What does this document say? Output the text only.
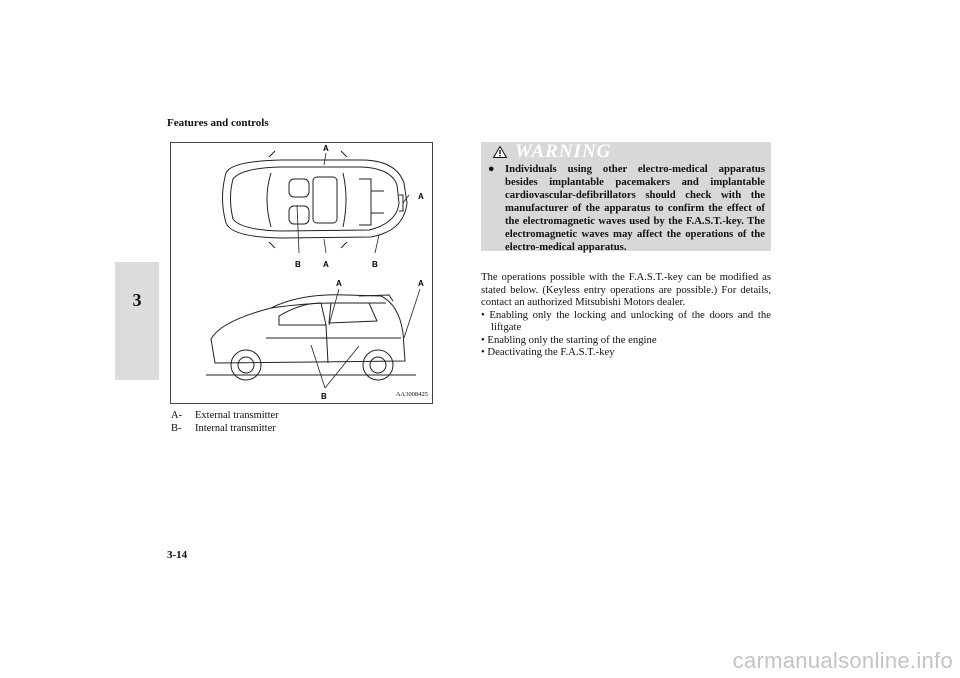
Features and controls
3
A
A
B	A	B
A	A
B	AA3008425
A- External transmitter
B- Internal transmitter
WARNING
● Individuals using other electro-medical apparatus besides implantable pacemakers and implantable cardiovascular-defibrillators should check with the manufacturer of the apparatus to confirm the effect of the electromagnetic waves used by the F.A.S.T.-key. The electromagnetic waves may affect the operations of the electro-medical apparatus.
The operations possible with the F.A.S.T.-key can be modified as stated below. (Keyless entry operations are possible.) For details, contact an authorized Mitsubishi Motors dealer.
• Enabling only the locking and unlocking of the doors and the liftgate
• Enabling only the starting of the engine
• Deactivating the F.A.S.T.-key
3-14
carmanualsonline.info
